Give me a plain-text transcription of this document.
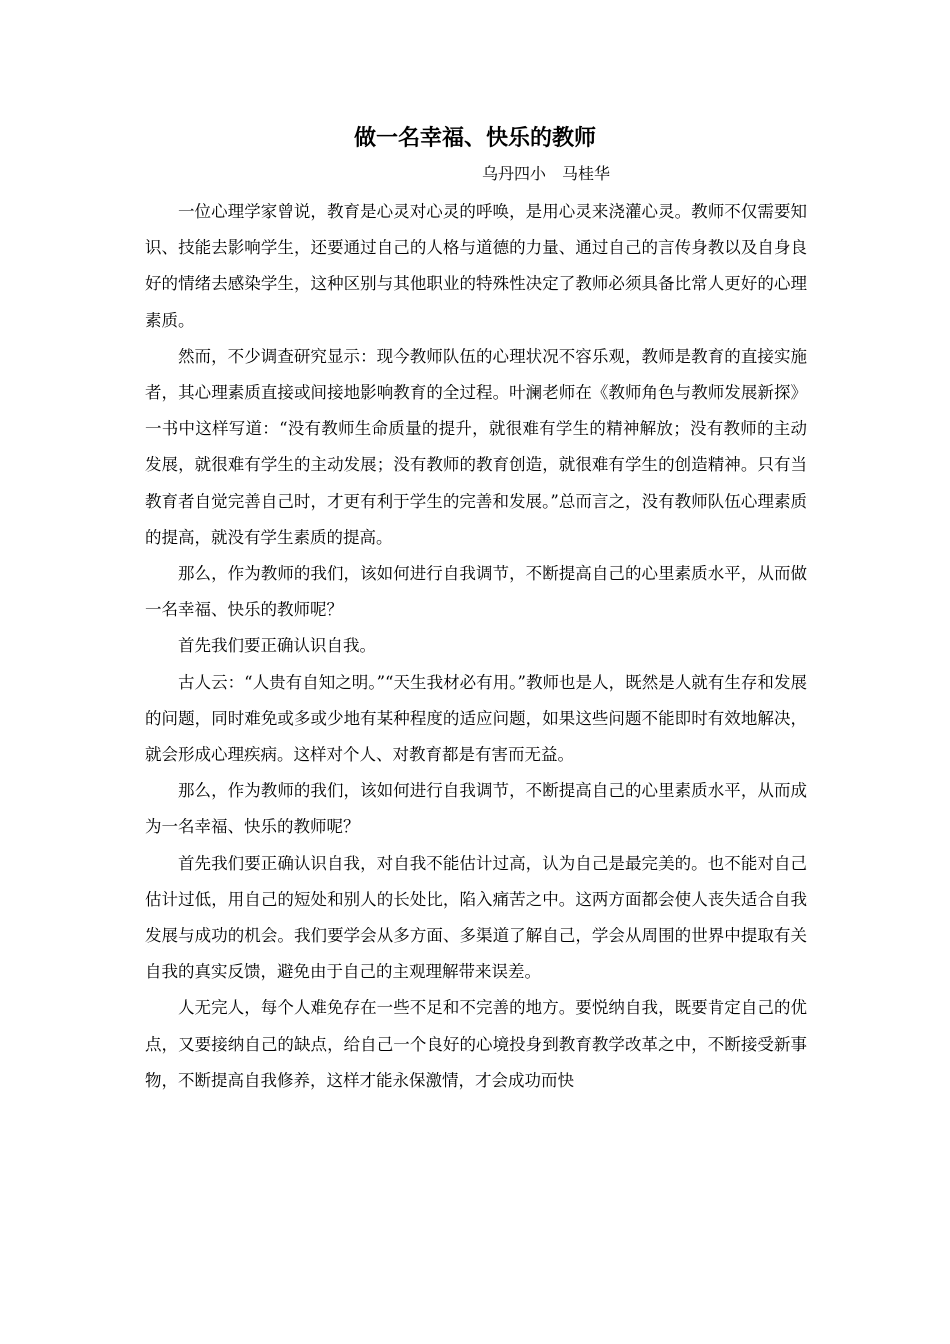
做一名幸福、快乐的教师
乌丹四小　马桂华

一位心理学家曾说，教育是心灵对心灵的呼唤，是用心灵来浇灌心灵。教师不仅需要知识、技能去影响学生，还要通过自己的人格与道德的力量、通过自己的言传身教以及自身良好的情绪去感染学生，这种区别与其他职业的特殊性决定了教师必须具备比常人更好的心理素质。

然而，不少调查研究显示：现今教师队伍的心理状况不容乐观，教师是教育的直接实施者，其心理素质直接或间接地影响教育的全过程。叶澜老师在《教师角色与教师发展新探》一书中这样写道：“没有教师生命质量的提升，就很难有学生的精神解放；没有教师的主动发展，就很难有学生的主动发展；没有教师的教育创造，就很难有学生的创造精神。只有当教育者自觉完善自己时，才更有利于学生的完善和发展。”总而言之，没有教师队伍心理素质的提高，就没有学生素质的提高。

那么，作为教师的我们，该如何进行自我调节，不断提高自己的心里素质水平，从而做一名幸福、快乐的教师呢？

首先我们要正确认识自我。

古人云：“人贵有自知之明。”“天生我材必有用。”教师也是人，既然是人就有生存和发展的问题，同时难免或多或少地有某种程度的适应问题，如果这些问题不能即时有效地解决，就会形成心理疾病。这样对个人、对教育都是有害而无益。

那么，作为教师的我们，该如何进行自我调节，不断提高自己的心里素质水平，从而成为一名幸福、快乐的教师呢？

首先我们要正确认识自我，对自我不能估计过高，认为自己是最完美的。也不能对自己估计过低，用自己的短处和别人的长处比，陷入痛苦之中。这两方面都会使人丧失适合自我发展与成功的机会。我们要学会从多方面、多渠道了解自己，学会从周围的世界中提取有关自我的真实反馈，避免由于自己的主观理解带来误差。

人无完人，每个人难免存在一些不足和不完善的地方。要悦纳自我，既要肯定自己的优点，又要接纳自己的缺点，给自己一个良好的心境投身到教育教学改革之中，不断接受新事物，不断提高自我修养，这样才能永保激情，才会成功而快
